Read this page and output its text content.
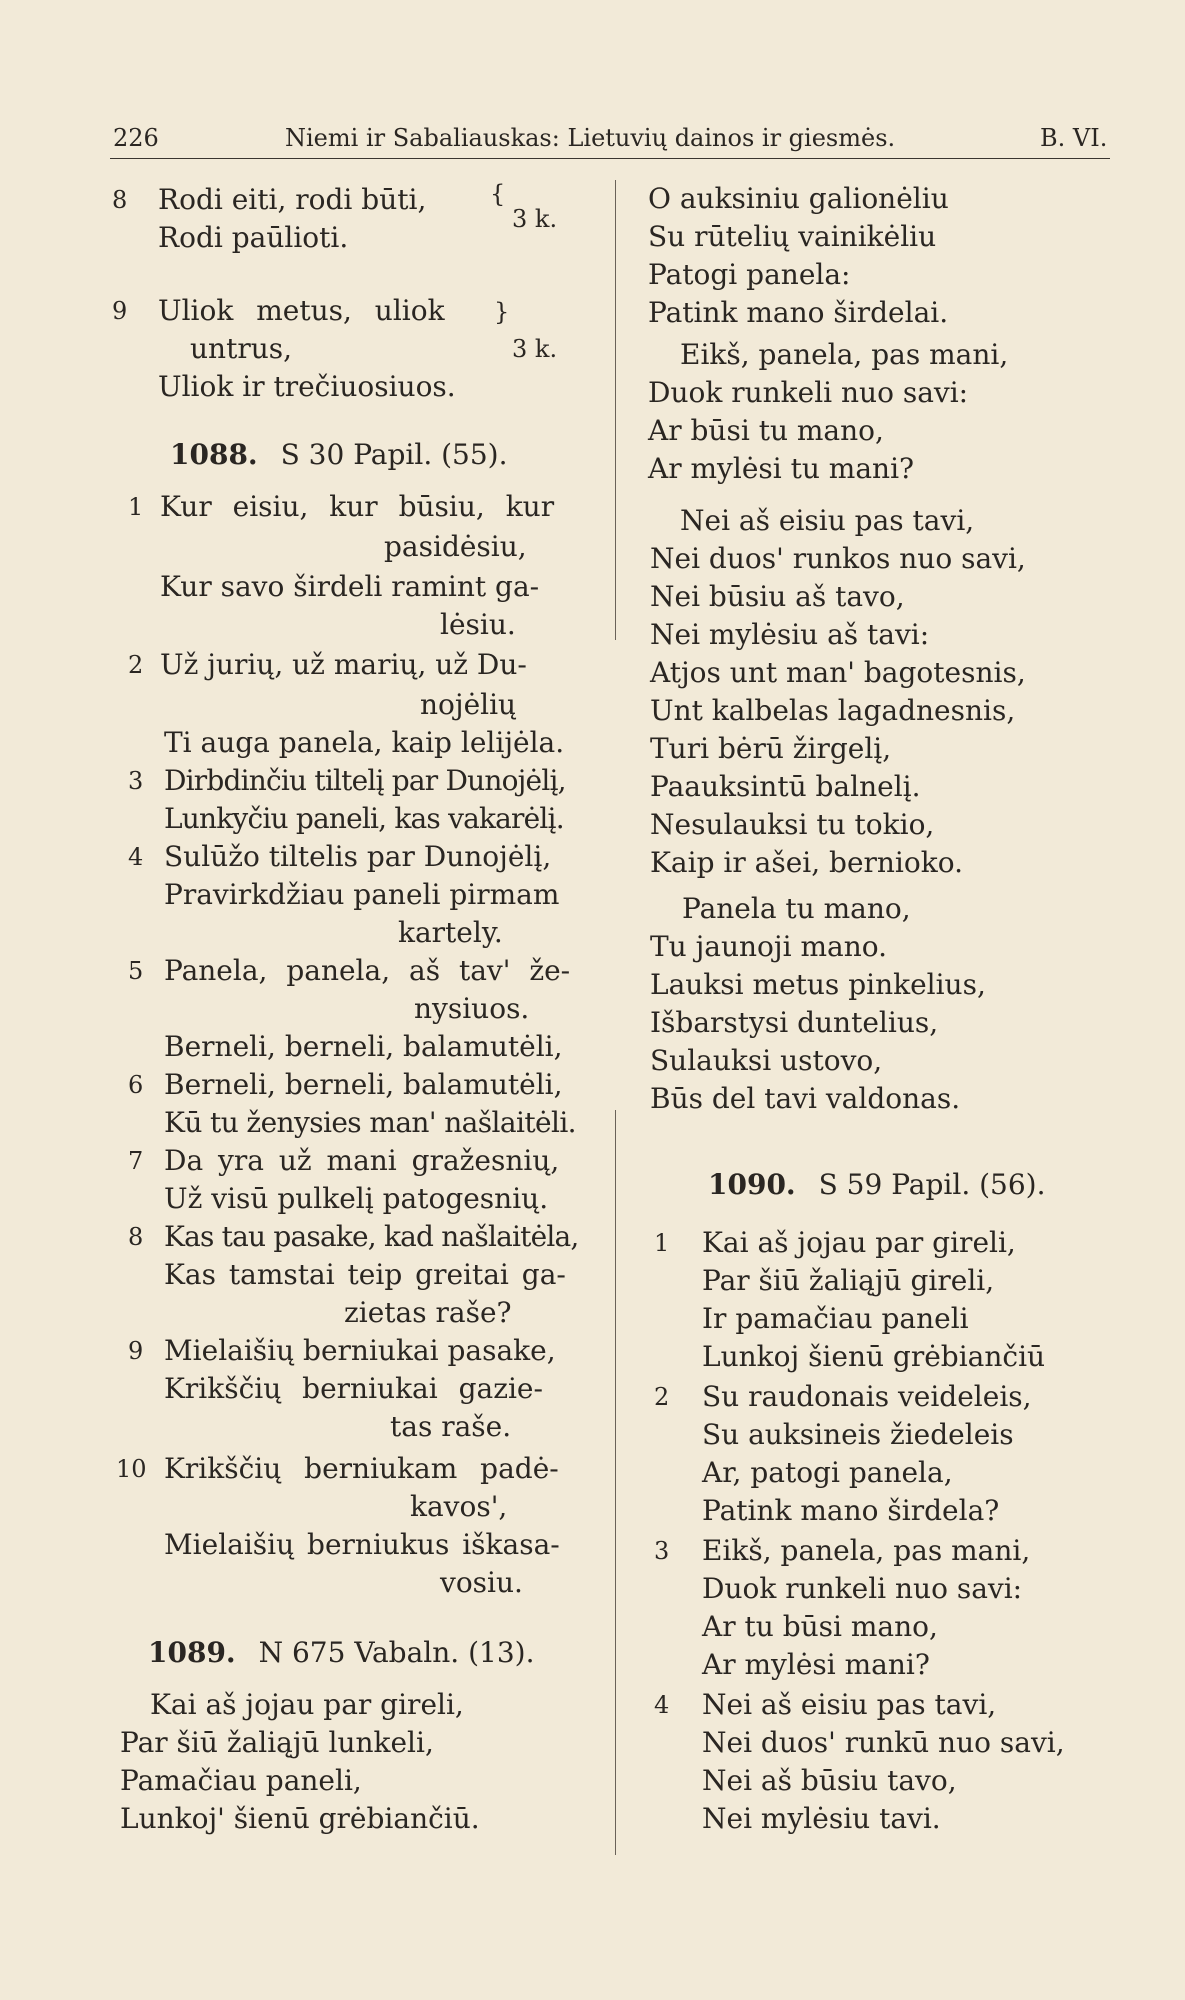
226	Niemi ir Sabaliauskas: Lietuvių dainos ir giesmės.	B. VI.
8 Rodi eiti, rodi būti,
Rodi paūlioti.
{
3 k.
9 Uliok metus, uliok
untrus,
Uliok ir trečiuosiuos.
}
3 k.
1088. S 30 Papil. (55).
1 Kur eisiu, kur būsiu, kur
pasidėsiu,
Kur savo širdeli ramint ga-
lėsiu.
2 Už jurių, už marių, už Du-
nojėlių
Ti auga panela, kaip lelijėla.
3 Dirbdinčiu tiltelį par Dunojėlį,
Lunkyčiu paneli, kas vakarėlį.
4 Sulūžo tiltelis par Dunojėlį,
Pravirkdžiau paneli pirmam
kartely.
5 Panela, panela, aš tav' že-
nysiuos.
Berneli, berneli, balamutėli,
6 Berneli, berneli, balamutėli,
Kū tu ženysies man' našlaitėli.
7 Da yra už mani gražesnių,
Už visū pulkelį patogesnių.
8 Kas tau pasake, kad našlaitėla,
Kas tamstai teip greitai ga-
zietas raše?
9 Mielaišių berniukai pasake,
Krikščių berniukai gazie-
tas raše.
10 Krikščių berniukam padė-
kavos',
Mielaišių berniukus iškasa-
vosiu.
1089. N 675 Vabaln. (13).
Kai aš jojau par gireli,
Par šiū žaliąjū lunkeli,
Pamačiau paneli,
Lunkoj' šienū grėbiančiū.
O auksiniu galionėliu
Su rūtelių vainikėliu
Patogi panela:
Patink mano širdelai.
Eikš, panela, pas mani,
Duok runkeli nuo savi:
Ar būsi tu mano,
Ar mylėsi tu mani?
Nei aš eisiu pas tavi,
Nei duos' runkos nuo savi,
Nei būsiu aš tavo,
Nei mylėsiu aš tavi:
Atjos unt man' bagotesnis,
Unt kalbelas lagadnesnis,
Turi bėrū žirgelį,
Paauksintū balnelį.
Nesulauksi tu tokio,
Kaip ir ašei, bernioko.
Panela tu mano,
Tu jaunoji mano.
Lauksi metus pinkelius,
Išbarstysi duntelius,
Sulauksi ustovo,
Būs del tavi valdonas.
1090. S 59 Papil. (56).
1 Kai aš jojau par gireli,
Par šiū žaliąjū gireli,
Ir pamačiau paneli
Lunkoj šienū grėbiančiū
2 Su raudonais veideleis,
Su auksineis žiedeleis
Ar, patogi panela,
Patink mano širdela?
3 Eikš, panela, pas mani,
Duok runkeli nuo savi:
Ar tu būsi mano,
Ar mylėsi mani?
4 Nei aš eisiu pas tavi,
Nei duos' runkū nuo savi,
Nei aš būsiu tavo,
Nei mylėsiu tavi.
